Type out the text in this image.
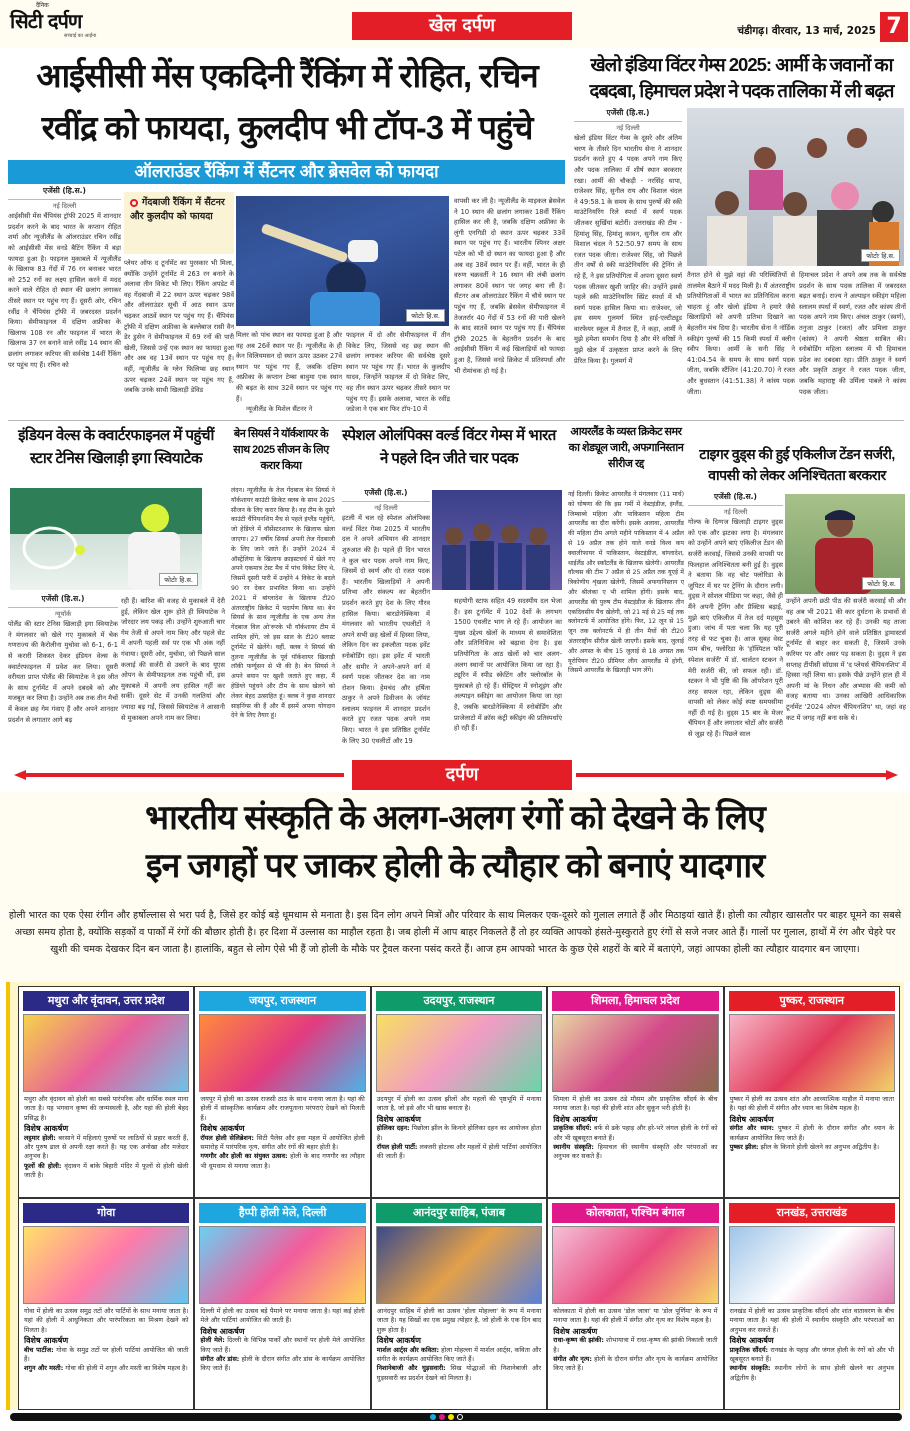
दैनिक
सिटी दर्पण
सच्चाई का आईना	खेल दर्पण	चंडीगढ़। वीरवार, 13 मार्च, 2025 7
आईसीसी मेंस एकदिनी रैंकिंग में रोहित, रचिन रवींद्र को फायदा, कुलदीप भी टॉप-3 में पहुंचे
खेलो इंडिया विंटर गेम्स 2025: आर्मी के जवानों का दबदबा, हिमाचल प्रदेश ने पदक तालिका में ली बढ़त
ऑलराउंडर रैंकिंग में सैंटनर और ब्रेसवेल को फायदा
एजेंसी (हि.स.)
नई दिल्ली
आईसीसी मेंस चैंपियंस ट्रॉफी 2025 में शानदार प्रदर्शन करने के बाद भारत के कप्तान रोहित शर्मा और न्यूजीलैंड के ऑलराउंडर रचिन रवींद्र को आईसीसी मेंस वनडे बैटिंग रैंकिंग में बड़ा फायदा हुआ है। फाइनल मुकाबले में न्यूजीलैंड के खिलाफ 83 गेंदों में 76 रन बनाकर भारत को 252 रनों का लक्ष्य हासिल करने में मदद करने वाले रोहित दो स्थान की छलांग लगाकर तीसरे स्थान पर पहुंच गए हैं। दूसरी ओर, रचिन रवींद्र ने चैंपियंस ट्रॉफी में जबरदस्त प्रदर्शन किया। सेमीफाइनल में दक्षिण अफ्रीका के खिलाफ 108 रन और फाइनल में भारत के खिलाफ 37 रन बनाने वाले रवींद्र 14 स्थान की छलांग लगाकर करियर की सर्वश्रेष्ठ 14वीं रैंकिंग पर पहुंच गए हैं। रचिन को
गेंदबाजी रैंकिंग में सैंटनर और कुलदीप को फायदा
प्लेयर ऑफ द टूर्नामेंट का पुरस्कार भी मिला, क्योंकि उन्होंने टूर्नामेंट में 263 रन बनाने के अलावा तीन विकेट भी लिए। रैंकिंग अपडेट में वह गेंदबाजी में 22 स्थान ऊपर चढ़कर 98वें और ऑलराउंडर सूची में आठ स्थान ऊपर चढ़कर आठवें स्थान पर पहुंच गए हैं। चैंपियंस ट्रॉफी में दक्षिण अफ्रीका के बल्लेबाज रासी वैन डेर डुसेन ने सेमीफाइनल में 69 रनों की पारी खेली, जिससे उन्हें एक स्थान का फायदा हुआ और अब वह 13वें स्थान पर पहुंच गए हैं। वहीं, न्यूजीलैंड के ग्लेन फिलिप्स छह स्थान ऊपर चढ़कर 24वें स्थान पर पहुंच गए हैं, जबकि उनके साथी खिलाड़ी डेविड
फोटोः हि.स.
मिलर को पांच स्थान का फायदा हुआ है और वह अब 26वें स्थान पर हैं। न्यूजीलैंड के ही केन विलियमसन दो स्थान ऊपर उठकर 27वें स्थान पर पहुंच गए हैं, जबकि दक्षिण अफ्रीका के कप्तान टेम्बा बावुमा एक स्थान की बढ़त के साथ 32वें स्थान पर पहुंच गए हैं।
न्यूजीलैंड के मिशेल सैंटनर ने
फाइनल में दो और सेमीफाइनल में तीन विकेट लिए, जिससे वह छह स्थान की छलांग लगाकर करियर की सर्वश्रेष्ठ दूसरे स्थान पर पहुंच गए हैं। भारत के कुलदीप यादव, जिन्होंने फाइनल में दो विकेट लिए, वह तीन स्थान ऊपर चढ़कर तीसरे स्थान पर पहुंच गए हैं। इसके अलावा, भारत के रवींद्र जडेजा ने एक बार फिर टॉप-10 में
वापसी कर ली है। न्यूजीलैंड के माइकल ब्रेसवेल ने 10 स्थान की छलांग लगाकर 18वीं रैंकिंग हासिल कर ली है, जबकि दक्षिण अफ्रीका के लुंगी एनगिडी दो स्थान ऊपर चढ़कर 33वें स्थान पर पहुंच गए हैं। भारतीय स्पिनर अक्षर पटेल को भी दो स्थान का फायदा हुआ है और अब वह 38वें स्थान पर हैं। वहीं, भारत के ही वरुण चक्रवर्ती ने 16 स्थान की लंबी छलांग लगाकर 80वें स्थान पर जगह बना ली है। सैंटनर अब ऑलराउंडर रैंकिंग में चौथे स्थान पर पहुंच गए हैं, जबकि ब्रेसवेल सेमीफाइनल में तेजतर्रार 40 गेंदों में 53 रनों की पारी खेलने के बाद सातवें स्थान पर पहुंच गए हैं। चैंपियंस ट्रॉफी 2025 के बेहतरीन प्रदर्शन के बाद आईसीसी रैंकिंग में कई खिलाड़ियों को फायदा हुआ है, जिससे वनडे क्रिकेट में प्रतिस्पर्धा और भी रोमांचक हो गई है।
एजेंसी (हि.स.)
नई दिल्ली
खेलो इंडिया विंटर गेम्स के दूसरे और अंतिम चरण के तीसरे दिन भारतीय सेना ने शानदार प्रदर्शन करते हुए 4 पदक अपने नाम किए और पदक तालिका में शीर्ष स्थान बरकरार रखा। आर्मी की चौकड़ी - नरसिंह थापा, राजेश्वर सिंह, सुनील राय और विशाल चंदल ने 49:58.1 के समय के साथ पुरुषों की स्की माउंटेनियरिंग रिले स्पर्धा में स्वर्ण पदक जीतकर सुर्खियां बटोरीं। उत्तराखंड की टीम - हिमांशु सिंह, हिमांशु कावन, सुनील राय और विशाल चंदल ने 52:50.97 समय के साथ रजत पदक जीता। राजेश्वर सिंह, जो पिछले तीन वर्षों से स्की माउंटेनियरिंग की ट्रेनिंग ले रहे हैं, ने इस प्रतियोगिता में अपना दूसरा स्वर्ण पदक जीतकर खुशी जाहिर की। उन्होंने इससे पहले स्की माउंटेनियरिंग स्प्रिंट स्पर्धा में भी स्वर्ण पदक हासिल किया था। राजेश्वर, जो इस समय गुलमर्ग स्थित हाई-एल्टीट्यूड वारफेयर स्कूल में तैनात हैं, ने कहा, आर्मी ने मुझे हमेशा समर्थन दिया है और मेरे वरिष्ठों ने मुझे खेल में उत्कृष्टता प्राप्त करने के लिए प्रेरित किया है। गुलमर्ग में
फोटोः हि.स.
तैनात होने से मुझे वहां की परिस्थितियों से तालमेल बैठाने में मदद मिली है। मैं अंतरराष्ट्रीय प्रतियोगिताओं में भारत का प्रतिनिधित्व करना चाहता हूं और खेलो इंडिया ने हमारे जैसे खिलाड़ियों को अपनी प्रतिभा दिखाने का बेहतरीन मंच दिया है। भारतीय सेना ने नॉर्डिक स्कीइंग पुरुषों की 15 किमी स्पर्धा में क्लीन स्वीप किया। आर्मी के सनी सिंह ने 41:04.54 के समय के साथ स्वर्ण पदक जीता, जबकि स्टैंजिन (41:20.70) ने रजत और बुधस्तान (41:51.38) ने कांस्य पदक जीता।
हिमाचल प्रदेश ने अपने अब तक के सर्वश्रेष्ठ प्रदर्शन के साथ पदक तालिका में जबरदस्त बढ़त बनाई। राज्य ने अल्पाइन स्कीइंग महिला स्लालम स्पर्धा में स्वर्ण, रजत और कांस्य तीनों पदक अपने नाम किए। अंचल ठाकुर (स्वर्ण), तनुजा ठाकुर (रजत) और प्रमिला ठाकुर (कांस्य) ने अपनी श्रेष्ठता साबित की। स्नोबोर्डिंग महिला स्लालम में भी हिमाचल प्रदेश का दबदबा रहा। प्रीति ठाकुर ने स्वर्ण और प्रकृति ठाकुर ने रजत पदक जीता, जबकि महाराष्ट्र की उर्मिला पाबले ने कांस्य पदक जीता।
इंडियन वेल्स के क्वार्टरफाइनल में पहुंचीं स्टार टेनिस खिलाड़ी इगा स्वियाटेक
फोटोः हि.स.
एजेंसी (हि.स.)
न्यूयॉर्क
पोलैंड की स्टार टेनिस खिलाड़ी इगा स्वियाटेक ने मंगलवार को खेले गए मुकाबले में चेक गणराज्य की कैरोलीना मुचोवा को 6-1, 6-1 से करारी शिकस्त देकर इंडियन वेल्स के क्वार्टरफाइनल में प्रवेश कर लिया। दूसरी वरीयता प्राप्त पोलैंड की स्वियाटेक ने इस जीत के साथ टूर्नामेंट में अपने दबदबे को और मजबूत कर लिया है। उन्होंने अब तक तीन मैचों में केवल छह गेम गंवाए हैं और अपने शानदार प्रदर्शन से लगातार आगे बढ़
रही हैं। बारिश की वजह से मुकाबले में देरी हुई, लेकिन खेल शुरू होते ही स्वियाटेक ने जोरदार लय पकड़ ली। उन्होंने शुरुआती चार गेम तेजी से अपने नाम किए और पहले सेट में अपनी पहली सर्व पर एक भी अंक नहीं गंवाया। दूसरी ओर, मुचोवा, जो पिछले साल कलाई की सर्जरी से उबरने के बाद यूएस ओपन के सेमीफाइनल तक पहुंची थीं, इस मुकाबले में अपनी लय हासिल नहीं कर सकीं। दूसरे सेट में उनकी गलतियां और ज्यादा बढ़ गईं, जिससे स्वियाटेक ने आसानी से मुकाबला अपने नाम कर लिया।
बेन सियर्स ने यॉर्कशायर के साथ 2025 सीजन के लिए करार किया
लंदन। न्यूजीलैंड के तेज गेंदबाज बेन सियर्स ने यॉर्कशायर काउंटी क्रिकेट क्लब के साथ 2025 सीजन के लिए करार किया है। वह टीम के दूसरे काउंटी चैंपियनशिप मैच से पहले इंग्लैंड पहुंचेंगे, जो हेडिंग्ले में वॉर्सेस्टरशायर के खिलाफ खेला जाएगा। 27 वर्षीय सियर्स अपनी तेज गेंदबाजी के लिए जाने जाते हैं। उन्होंने 2024 में ऑस्ट्रेलिया के खिलाफ क्राइस्टचर्च में खेले गए अपने एकमात्र टेस्ट मैच में पांच विकेट लिए थे, जिसमें दूसरी पारी में उन्होंने 4 विकेट के बदले 90 रन देकर प्रभावित किया था। उन्होंने 2021 में बांग्लादेश के खिलाफ टी20 अंतरराष्ट्रीय क्रिकेट में पदार्पण किया था। बेन सियर्स के साथ न्यूजीलैंड के एक अन्य तेज गेंदबाज विल ओ'रूरके भी यॉर्कशायर टीम में शामिल होंगे, जो इस साल के टी20 ब्लास्ट टूर्नामेंट में खेलेंगे। वहीं, क्लब ने सियर्स की तुलना न्यूजीलैंड के पूर्व यॉर्कशायर खिलाड़ी लॉकी फर्ग्यूसन से भी की है। बेन सियर्स ने अपने बयान पर खुशी जताते हुए कहा, मैं हेडिंग्ले पहुंचने और टीम के साथ खेलने को लेकर बेहद उत्साहित हूं। क्लब ने कुछ शानदार साइनिंग्स की हैं और मैं इसमें अपना योगदान देने के लिए तैयार हूं।
स्पेशल ओलंपिक्स वर्ल्ड विंटर गेम्स में भारत ने पहले दिन जीते चार पदक
एजेंसी (हि.स.)
नई दिल्ली
इटली में चल रहे स्पेशल ओलंपिक्स वर्ल्ड विंटर गेम्स 2025 में भारतीय दल ने अपने अभियान की शानदार शुरुआत की है। पहले ही दिन भारत ने कुल चार पदक अपने नाम किए, जिसमें दो स्वर्ण और दो रजत पदक हैं। भारतीय खिलाड़ियों ने अपनी प्रतिभा और संकल्प का बेहतरीन प्रदर्शन करते हुए देश के लिए गौरव हासिल किया। बारडोनेक्किया में मंगलवार को भारतीय एथलीटों ने अपने सभी छह खेलों में हिस्सा लिया, लेकिन दिन का इकलौता पदक इवेंट स्नोबोर्डिंग रहा। इस इवेंट में भारती और समीर ने अपने-अपने वर्ग में स्वर्ण पदक जीतकर देश का नाम रोशन किया। हेमचंद और हर्षिता ठाकुर ने अपने डिवीजन के जॉयंट स्लालम फाइनल में शानदार प्रदर्शन करते हुए रजत पदक अपने नाम किए। भारत ने इस प्रतिष्ठित टूर्नामेंट के लिए 30 एथलीटों और 19
सहयोगी स्टाफ सहित 49 सदस्यीय दल भेजा है। इस टूर्नामेंट में 102 देशों के लगभग 1500 एथलीट भाग ले रहे हैं। आयोजन का मुख्य उद्देश्य खेलों के माध्यम से समावेशिता और प्रतिनिधित्व को बढ़ावा देना है। इस प्रतियोगिता के आठ खेलों को चार अलग-अलग स्थानों पर आयोजित किया जा रहा है। ट्यूरिन में स्पीड स्केटिंग और फ्लोरबॉल के मुकाबले हो रहे हैं। सेस्ट्रियर में स्नोशूइंग और अल्पाइन स्कीइंग का आयोजन किया जा रहा है, जबकि बारडोनेक्किया में स्नोबोर्डिंग और प्राजेलाटो में क्रॉस कंट्री स्कीइंग की प्रतिस्पर्धाएं हो रही हैं।
आयरलैंड के व्यस्त क्रिकेट समर का शेड्यूल जारी, अफगानिस्तान सीरीज रद्द
नई दिल्ली। क्रिकेट आयरलैंड ने मंगलवार (11 मार्च) को घोषणा की कि इस गर्मी में वेस्टइंडीज, इंग्लैंड, जिम्बाब्वे महिला और पाकिस्तान महिला टीम आयरलैंड का दौरा करेंगी। इसके अलावा, आयरलैंड की महिला टीम अगले महीने पाकिस्तान में 4 अप्रैल से 19 अप्रैल तक होने वाले वनडे विश्व कप क्वालीफायर में पाकिस्तान, वेस्टइंडीज, बांग्लादेश, थाईलैंड और स्कॉटलैंड के खिलाफ खेलेगी। आयरलैंड वॉल्वस की टीम 7 अप्रैल से 25 अप्रैल तक यूएई में त्रिकोणीय शृंखला खेलेगी, जिसमें अफगानिस्तान ए और श्रीलंका ए भी शामिल होंगी। इसके बाद, आयरलैंड की पुरुष टीम वेस्टइंडीज के खिलाफ तीन एकदिवसीय मैच खेलेगी, जो 21 मई से 25 मई तक क्लोनटर्फ में आयोजित होंगे। फिर, 12 जून से 15 जून तक क्लोनटर्फ में ही तीन मैचों की टी20 अंतरराष्ट्रीय सीरीज खेली जाएगी। इसके बाद, जुलाई और अगस्त के बीच 15 जुलाई से 18 अगस्त तक यूरोपियन टी20 प्रीमियर लीग आयरलैंड में होगी, जिसमें आयरलैंड के खिलाड़ी भाग लेंगे।
टाइगर वुड्स की हुई एकिलीज टेंडन सर्जरी, वापसी को लेकर अनिश्चितता बरकरार
एजेंसी (हि.स.)
नई दिल्ली
गोल्फ के दिग्गज खिलाड़ी टाइगर वुड्स को एक और झटका लगा है। मंगलवार को उन्होंने अपने बाएं एकिलीज टेंडन की सर्जरी करवाई, जिससे उनकी वापसी पर फिलहाल अनिश्चितता बनी हुई है। वुड्स ने बताया कि वह चोट फ्लोरिडा के जुपिटर में घर पर ट्रेनिंग के दौरान लगी। वुड्स ने सोशल मीडिया पर कहा, जैसे ही मैंने अपनी ट्रेनिंग और प्रैक्टिस बढ़ाई, मुझे बाएं एकिलीज में तेज दर्द महसूस हुआ। जांच में पता चला कि यह पूरी तरह से फट चुका है। आज सुबह वेस्ट पाम बीच, फ्लोरिडा के 'हॉस्पिटल फॉर स्पेशल सर्जरी' में डॉ. चार्लटन स्टकन ने मेरी सर्जरी की, जो सफल रही। डॉ. स्टकन ने भी पुष्टि की कि ऑपरेशन पूरी तरह सफल रहा, लेकिन वुड्स की वापसी को लेकर कोई स्पष्ट समयसीमा नहीं दी गई है। वुड्स 15 बार के मेजर चैंपियन हैं और लगातार चोटों और सर्जरी से जूझ रहे हैं। पिछले साल
फोटोः हि.स.
उन्होंने अपनी छठी पीठ की सर्जरी करवाई थी और वह अब भी 2021 की कार दुर्घटना के प्रभावों से उबरने की कोशिश कर रहे हैं। उनकी यह ताजा सर्जरी अगले महीने होने वाले प्रतिष्ठित ड्रामास्टर्स टूर्नामेंट से बाहर कर सकती है, जिसमें उनके करियर पर और असर पड़ सकता है। वुड्स ने इस सप्ताह टीपीसी सॉग्रास में 'द प्लेयर्स चैंपियनशिप' में हिस्सा नहीं लिया था। इसके पीछे उन्होंने हाल ही में अपनी मां के निधन और अभ्यास की कमी को वजह बताया था। उनका आखिरी आधिकारिक टूर्नामेंट '2024 ओपन चैंपियनशिप' था, जहां वह कट में जगह नहीं बना सके थे।
दर्पण
भारतीय संस्कृति के अलग-अलग रंगों को देखने के लिए
इन जगहों पर जाकर होली के त्यौहार को बनाएं यादगार
होली भारत का एक ऐसा रंगीन और हर्षोल्लास से भरा पर्व है, जिसे हर कोई बड़े धूमधाम से मनाता है। इस दिन लोग अपने मित्रों और परिवार के साथ मिलकर एक-दूसरे को गुलाल लगाते हैं और मिठाइयां खाते हैं। होली का त्यौहार खासतौर पर बाहर घूमने का सबसे अच्छा समय होता है, क्योंकि सड़कों व पार्कों में रंगों की बौछार होती है। हर दिशा में उल्लास का माहौल रहता है। जब होली में आप बाहर निकलते हैं तो हर व्यक्ति आपको हंसते-मुस्कुराते हुए रंगों से सजे नजर आते हैं। गालों पर गुलाल, हाथों में रंग और चेहरे पर खुशी की चमक देखकर दिन बन जाता है। हालांकि, बहुत से लोग ऐसे भी हैं जो होली के मौके पर ट्रैवल करना पसंद करते हैं। आज हम आपको भारत के कुछ ऐसे शहरों के बारे में बताएंगे, जहां आपका होली का त्यौहार यादगार बन जाएगा।
मथुरा और वृंदावन, उत्तर प्रदेश
मथुरा और वृंदावन को होली का सबसे पारंपरिक और धार्मिक स्थल माना जाता है। यह भगवान कृष्ण की जन्मस्थली है, और यहां की होली बेहद प्रसिद्ध है।
विशेष आकर्षण
लट्ठमार होली: बरसाने में महिलाएं पुरुषों पर लाठियों से प्रहार करती हैं, और पुरुष ढाल से अपनी रक्षा करते हैं। यह एक अनोखा और मजेदार अनुभव है।
फूलों की होली: वृंदावन में बांके बिहारी मंदिर में फूलों से होली खेली जाती है।
जयपुर, राजस्थान
जयपुर में होली का उत्सव राजसी ठाठ के साथ मनाया जाता है। यहां की होली में सांस्कृतिक कार्यक्रम और राजपूताना परंपराएं देखने को मिलती हैं।
विशेष आकर्षण
रॉयल होली सेलिब्रेशन: सिटी पैलेस और हवा महल में आयोजित होली समारोह में पारंपरिक नृत्य, संगीत और रंगों की बहार होती है।
गणगौर और होली का संयुक्त उत्सव: होली के बाद गणगौर का त्यौहार भी धूमधाम से मनाया जाता है।
उदयपुर, राजस्थान
उदयपुर में होली का उत्सव झीलों और महलों की पृष्ठभूमि में मनाया जाता है, जो इसे और भी खास बनाता है।
विशेष आकर्षण
होलिका दहन: पिछोला झील के किनारे होलिका दहन का आयोजन होता है।
रॉयल होली पार्टी: लक्जरी होटल्स और महलों में होली पार्टियां आयोजित की जाती हैं।
शिमला, हिमाचल प्रदेश
शिमला में होली का उत्सव ठंडे मौसम और प्राकृतिक सौंदर्य के बीच मनाया जाता है। यहां की होली शांत और सुकून भरी होती है।
विशेष आकर्षण
प्राकृतिक सौंदर्य: बर्फ से ढके पहाड़ और हरे-भरे जंगल होली के रंगों को और भी खूबसूरत बनाते हैं।
स्थानीय संस्कृति: हिमाचल की स्थानीय संस्कृति और परंपराओं का अनुभव कर सकते हैं।
पुष्कर, राजस्थान
पुष्कर में होली का उत्सव शांत और आध्यात्मिक माहौल में मनाया जाता है। यहां की होली में संगीत और ध्यान का विशेष महत्व है।
विशेष आकर्षण
संगीत और ध्यान: पुष्कर में होली के दौरान संगीत और ध्यान के कार्यक्रम आयोजित किए जाते हैं।
पुष्कर झील: झील के किनारे होली खेलने का अनुभव अद्वितीय है।
गोवा
गोवा में होली का उत्सव समुद्र तटों और पार्टियों के साथ मनाया जाता है। यहां की होली में आधुनिकता और पारंपरिकता का मिश्रण देखने को मिलता है।
विशेष आकर्षण
बीच पार्टीज: गोवा के समुद्र तटों पर होली पार्टियां आयोजित की जाती हैं।
शगुन और मस्ती: गोवा की होली में शगुन और मस्ती का विशेष महत्व है।
हैप्पी होली मेले, दिल्ली
दिल्ली में होली का उत्सव बड़े पैमाने पर मनाया जाता है। यहां कई होली मेले और पार्टियां आयोजित की जाती हैं।
विशेष आकर्षण
होली मेले: दिल्ली के विभिन्न पार्कों और स्थानों पर होली मेले आयोजित किए जाते हैं।
संगीत और डांस: होली के दौरान संगीत और डांस के कार्यक्रम आयोजित किए जाते हैं।
आनंदपुर साहिब, पंजाब
आनंदपुर साहिब में होली का उत्सव 'होला मोहल्ला' के रूप में मनाया जाता है। यह सिखों का एक प्रमुख त्योहार है, जो होली के एक दिन बाद शुरू होता है।
विशेष आकर्षण
मार्शल आर्ट्स और कविता: होला मोहल्ला में मार्शल आर्ट्स, कविता और संगीत के कार्यक्रम आयोजित किए जाते हैं।
निशानेबाजी और घुड़सवारी: सिख योद्धाओं की निशानेबाजी और घुड़सवारी का प्रदर्शन देखने को मिलता है।
कोलकाता, पश्चिम बंगाल
कोलकाता में होली का उत्सव 'डोल जात्रा' या 'डोल पूर्णिमा' के रूप में मनाया जाता है। यहां की होली में संगीत और नृत्य का विशेष महत्व है।
विशेष आकर्षण
राधा-कृष्ण की झांकी: शोभायात्रा में राधा-कृष्ण की झांकी निकाली जाती है।
संगीत और नृत्य: होली के दौरान संगीत और नृत्य के कार्यक्रम आयोजित किए जाते हैं।
रानखंड, उत्तराखंड
रानखंड में होली का उत्सव प्राकृतिक सौंदर्य और शांत वातावरण के बीच मनाया जाता है। यहां की होली में स्थानीय संस्कृति और परंपराओं का अनुभव कर सकते हैं।
विशेष आकर्षण
प्राकृतिक सौंदर्य: रानखंड के पहाड़ और जंगल होली के रंगों को और भी खूबसूरत बनाते हैं।
स्थानीय संस्कृति: स्थानीय लोगों के साथ होली खेलने का अनुभव अद्वितीय है।
